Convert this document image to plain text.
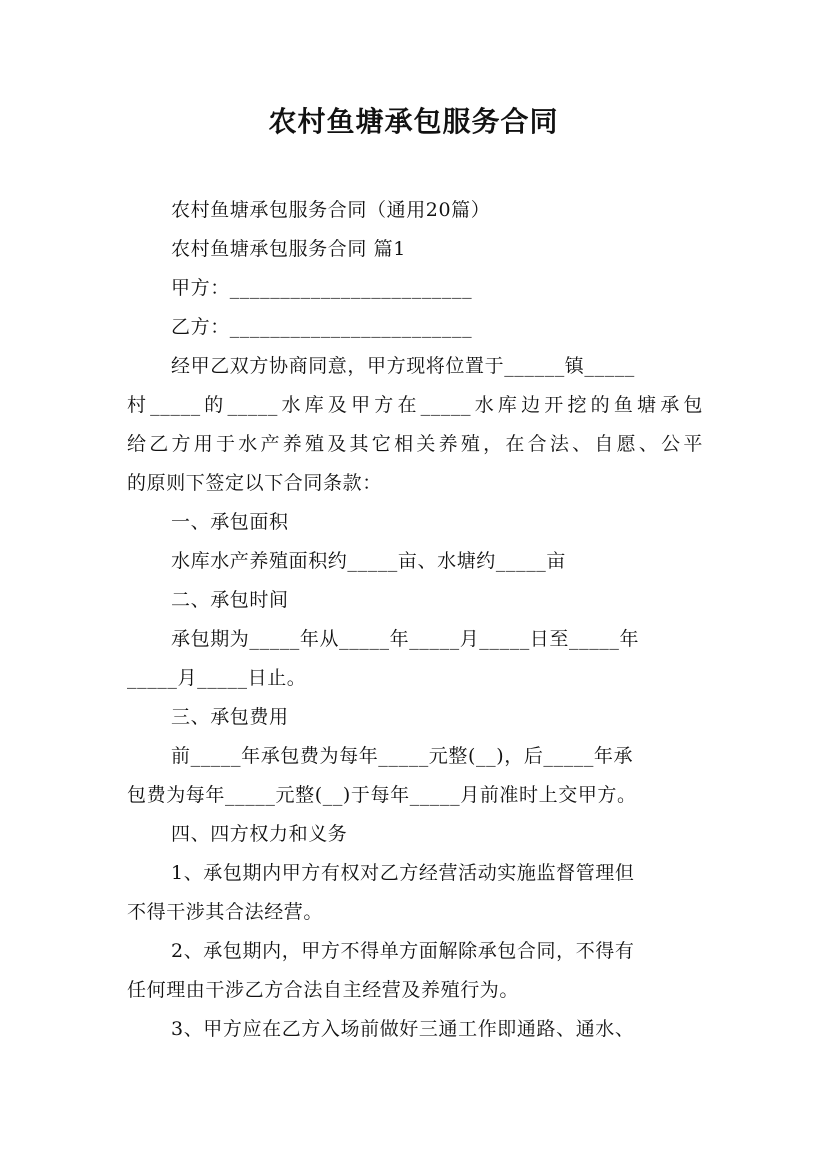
农村鱼塘承包服务合同
农村鱼塘承包服务合同（通用20篇）
农村鱼塘承包服务合同 篇1
甲方：________________________
乙方：________________________
经甲乙双方协商同意，甲方现将位置于______镇_____
村_____的_____水库及甲方在_____水库边开挖的鱼塘承包
给乙方用于水产养殖及其它相关养殖，在合法、自愿、公平
的原则下签定以下合同条款：
一、承包面积
水库水产养殖面积约_____亩、水塘约_____亩
二、承包时间
承包期为_____年从_____年_____月_____日至_____年
_____月_____日止。
三、承包费用
前_____年承包费为每年_____元整(__)，后_____年承
包费为每年_____元整(__)于每年_____月前准时上交甲方。
四、四方权力和义务
1、承包期内甲方有权对乙方经营活动实施监督管理但
不得干涉其合法经营。
2、承包期内，甲方不得单方面解除承包合同，不得有
任何理由干涉乙方合法自主经营及养殖行为。
3、甲方应在乙方入场前做好三通工作即通路、通水、
